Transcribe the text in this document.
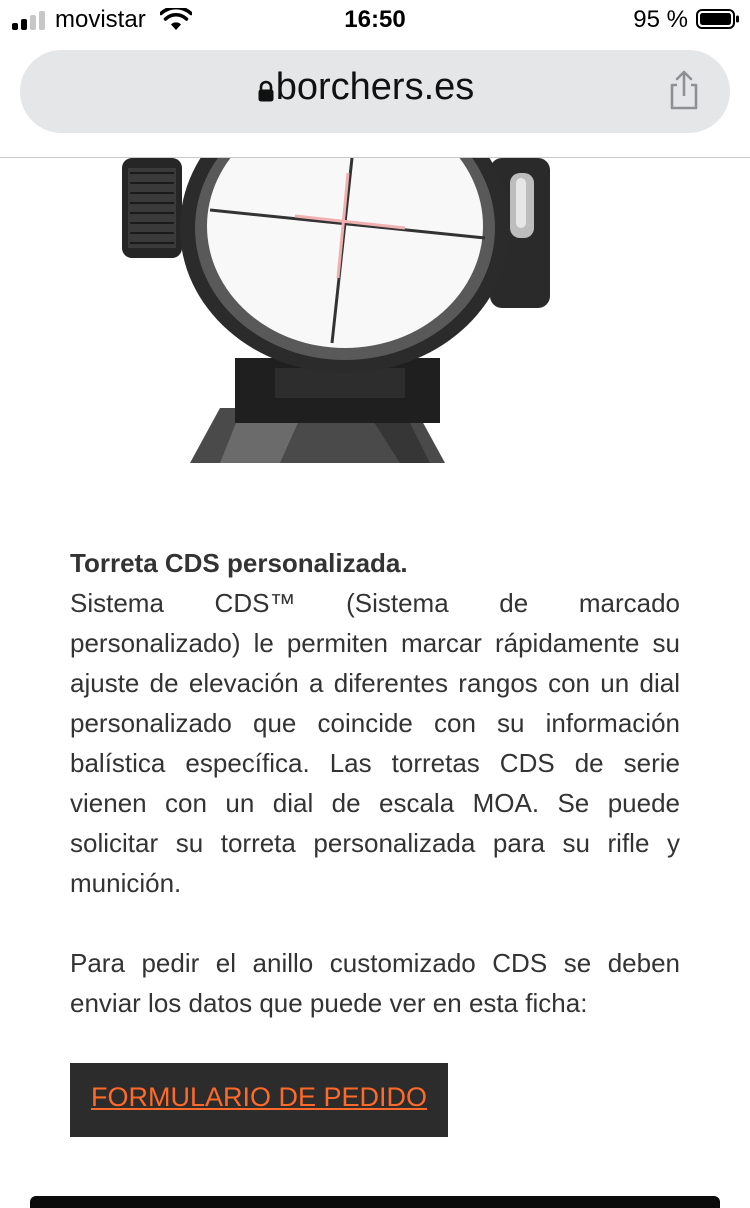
movistar	16:50	95 %
borchers.es
Torreta CDS personalizada.
Sistema CDS™ (Sistema de marcado personalizado) le permiten marcar rápidamente su ajuste de elevación a diferentes rangos con un dial personalizado que coincide con su información balística específica. Las torretas CDS de serie vienen con un dial de escala MOA. Se puede solicitar su torreta personalizada para su rifle y munición.
Para pedir el anillo customizado CDS se deben enviar los datos que puede ver en esta ficha:
FORMULARIO DE PEDIDO
